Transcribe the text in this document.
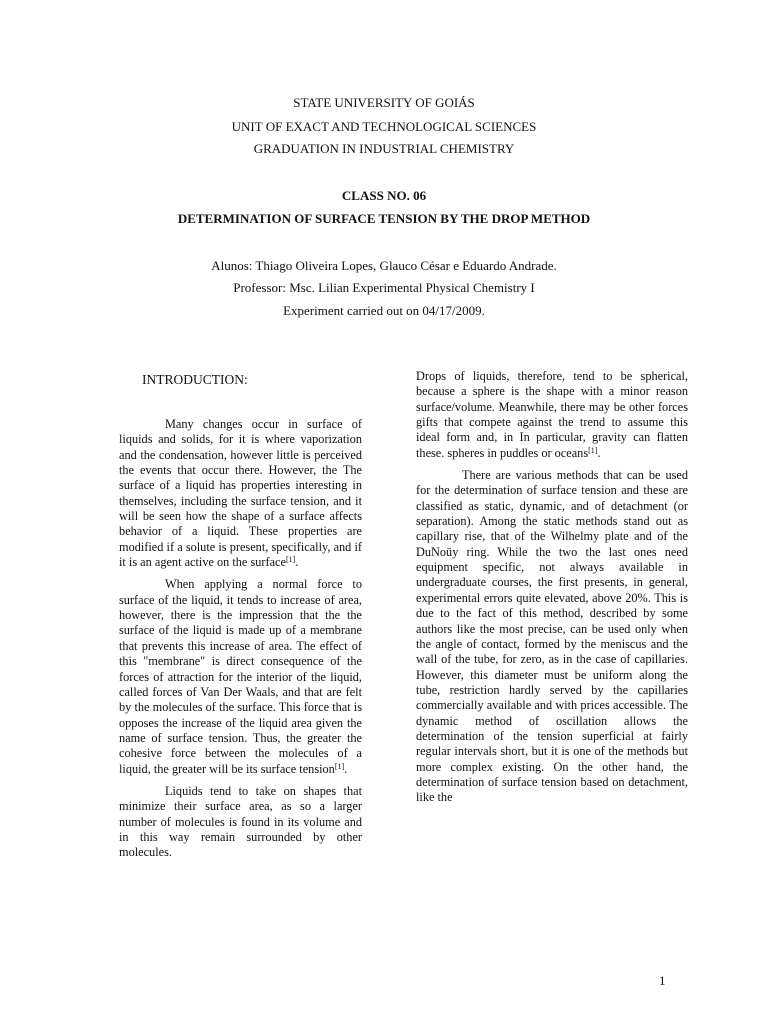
STATE UNIVERSITY OF GOIÁS
UNIT OF EXACT AND TECHNOLOGICAL SCIENCES
GRADUATION IN INDUSTRIAL CHEMISTRY
CLASS NO. 06
DETERMINATION OF SURFACE TENSION BY THE DROP METHOD
Alunos: Thiago Oliveira Lopes, Glauco César e Eduardo Andrade.
Professor: Msc. Lilian Experimental Physical Chemistry I
Experiment carried out on 04/17/2009.
INTRODUCTION:

Many changes occur in surface of liquids and solids, for it is where vaporization and the condensation, however little is perceived the events that occur there. However, the The surface of a liquid has properties interesting in themselves, including the surface tension, and it will be seen how the shape of a surface affects behavior of a liquid. These properties are modified if a solute is present, specifically, and if it is an agent active on the surface[1].

When applying a normal force to surface of the liquid, it tends to increase of area, however, there is the impression that the the surface of the liquid is made up of a membrane that prevents this increase of area. The effect of this "membrane" is direct consequence of the forces of attraction for the interior of the liquid, called forces of Van Der Waals, and that are felt by the molecules of the surface. This force that is opposes the increase of the liquid area given the name of surface tension. Thus, the greater the cohesive force between the molecules of a liquid, the greater will be its surface tension[1].

Liquids tend to take on shapes that minimize their surface area, as so a larger number of molecules is found in its volume and in this way remain surrounded by other molecules.

Drops of liquids, therefore, tend to be spherical, because a sphere is the shape with a minor reason surface/volume. Meanwhile, there may be other forces gifts that compete against the trend to assume this ideal form and, in In particular, gravity can flatten these. spheres in puddles or oceans[1].

There are various methods that can be used for the determination of surface tension and these are classified as static, dynamic, and of detachment (or separation). Among the static methods stand out as capillary rise, that of the Wilhelmy plate and of the DuNoüy ring. While the two the last ones need equipment specific, not always available in undergraduate courses, the first presents, in general, experimental errors quite elevated, above 20%. This is due to the fact of this method, described by some authors like the most precise, can be used only when the angle of contact, formed by the meniscus and the wall of the tube, for zero, as in the case of capillaries. However, this diameter must be uniform along the tube, restriction hardly served by the capillaries commercially available and with prices accessible. The dynamic method of oscillation allows the determination of the tension superficial at fairly regular intervals short, but it is one of the methods but more complex existing. On the other hand, the determination of surface tension based on detachment, like the

1
